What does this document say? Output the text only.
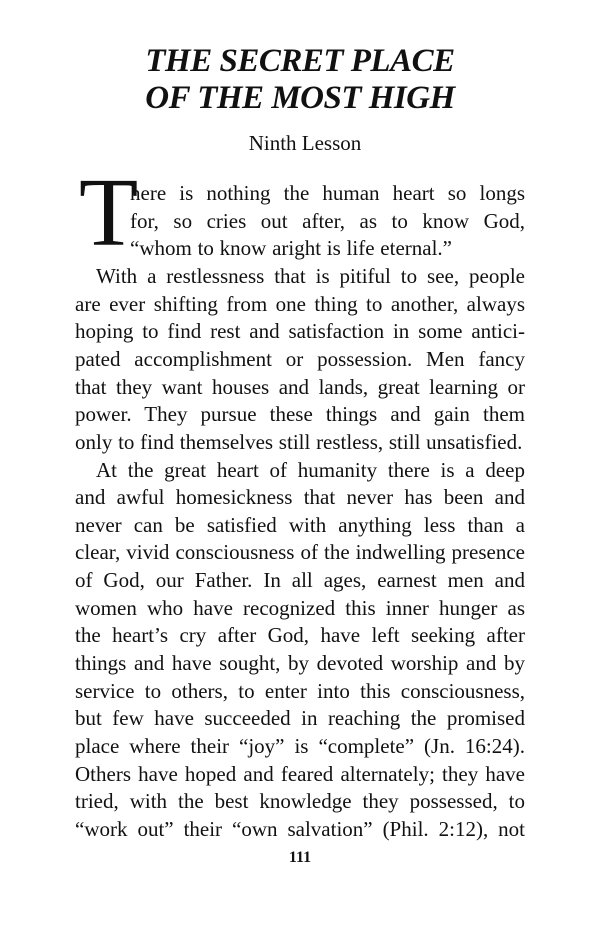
THE SECRET PLACE
OF THE MOST HIGH
Ninth Lesson
T
here is nothing the human heart so longs
for, so cries out after, as to know God,
“whom to know aright is life eternal.”
With a restlessness that is pitiful to see, people
are ever shifting from one thing to another, always
hoping to find rest and satisfaction in some antici-
pated accomplishment or possession. Men fancy
that they want houses and lands, great learning or
power. They pursue these things and gain them
only to find themselves still restless, still unsatisfied.
At the great heart of humanity there is a deep
and awful homesickness that never has been and
never can be satisfied with anything less than a
clear, vivid consciousness of the indwelling presence
of God, our Father. In all ages, earnest men and
women who have recognized this inner hunger as
the heart’s cry after God, have left seeking after
things and have sought, by devoted worship and by
service to others, to enter into this consciousness,
but few have succeeded in reaching the promised
place where their “joy” is “complete” (Jn. 16:24).
Others have hoped and feared alternately; they have
tried, with the best knowledge they possessed, to
“work out” their “own salvation” (Phil. 2:12), not
111
